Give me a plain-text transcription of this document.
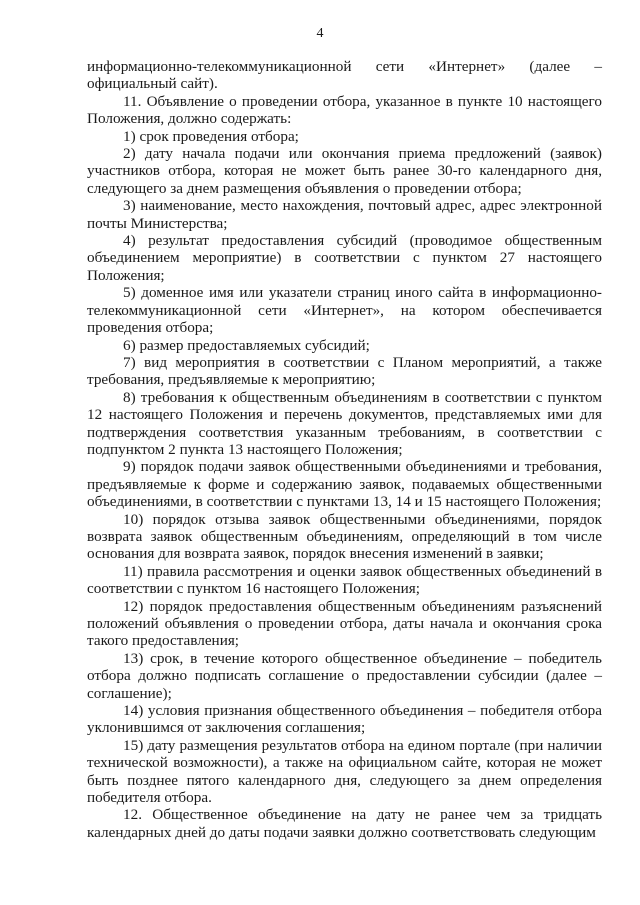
4

информационно-телекоммуникационной сети «Интернет» (далее – официальный сайт).

11. Объявление о проведении отбора, указанное в пункте 10 настоящего Положения, должно содержать:

1) срок проведения отбора;

2) дату начала подачи или окончания приема предложений (заявок) участников отбора, которая не может быть ранее 30-го календарного дня, следующего за днем размещения объявления о проведении отбора;

3) наименование, место нахождения, почтовый адрес, адрес электронной почты Министерства;

4) результат предоставления субсидий (проводимое общественным объединением мероприятие) в соответствии с пунктом 27 настоящего Положения;

5) доменное имя или указатели страниц иного сайта в информационно-телекоммуникационной сети «Интернет», на котором обеспечивается проведения отбора;

6) размер предоставляемых субсидий;

7) вид мероприятия в соответствии с Планом мероприятий, а также требования, предъявляемые к мероприятию;

8) требования к общественным объединениям в соответствии с пунктом 12 настоящего Положения и перечень документов, представляемых ими для подтверждения соответствия указанным требованиям, в соответствии с подпунктом 2 пункта 13 настоящего Положения;

9) порядок подачи заявок общественными объединениями и требования, предъявляемые к форме и содержанию заявок, подаваемых общественными объединениями, в соответствии с пунктами 13, 14 и 15 настоящего Положения;

10) порядок отзыва заявок общественными объединениями, порядок возврата заявок общественным объединениям, определяющий в том числе основания для возврата заявок, порядок внесения изменений в заявки;

11) правила рассмотрения и оценки заявок общественных объединений в соответствии с пунктом 16 настоящего Положения;

12) порядок предоставления общественным объединениям разъяснений положений объявления о проведении отбора, даты начала и окончания срока такого предоставления;

13) срок, в течение которого общественное объединение – победитель отбора должно подписать соглашение о предоставлении субсидии (далее – соглашение);

14) условия признания общественного объединения – победителя отбора уклонившимся от заключения соглашения;

15) дату размещения результатов отбора на едином портале (при наличии технической возможности), а также на официальном сайте, которая не может быть позднее пятого календарного дня, следующего за днем определения победителя отбора.

12. Общественное объединение на дату не ранее чем за тридцать календарных дней до даты подачи заявки должно соответствовать следующим
